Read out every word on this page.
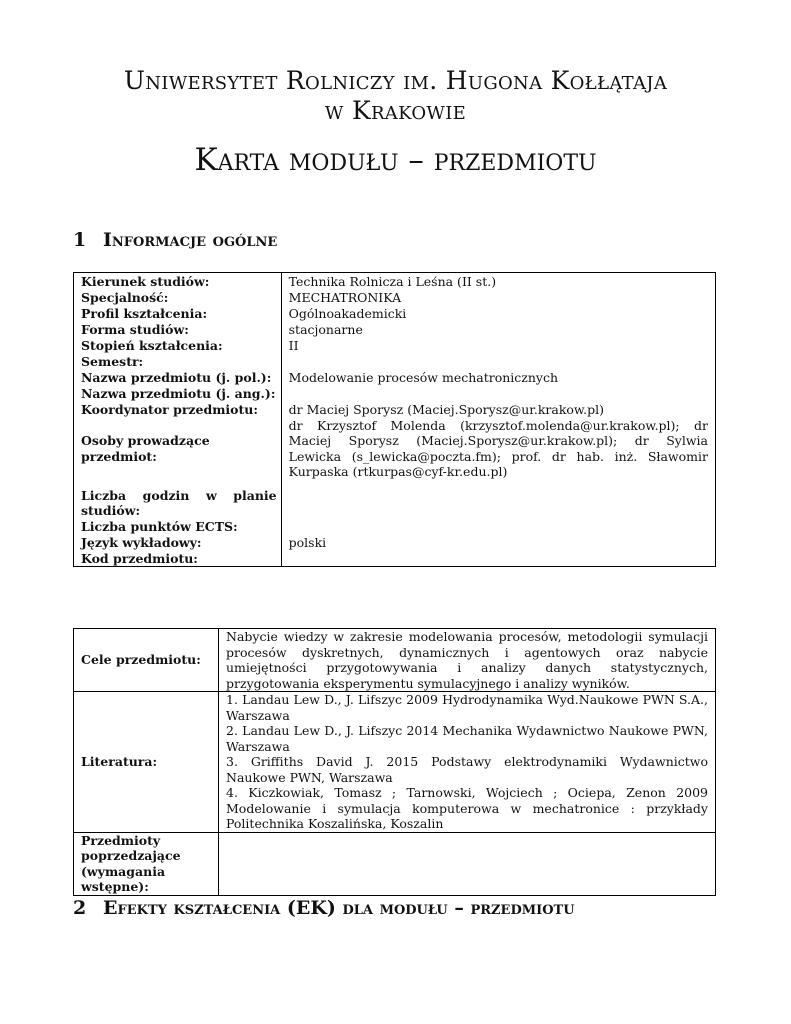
Uniwersytet Rolniczy im. Hugona Kołłątaja
w Krakowie
Karta modułu – przedmiotu
1 Informacje ogólne
Kierunek studiów:	Technika Rolnicza i Leśna (II st.)
Specjalność:	MECHATRONIKA
Profil kształcenia:	Ogólnoakademicki
Forma studiów:	stacjonarne
Stopień kształcenia:	II
Semestr:	
Nazwa przedmiotu (j. pol.):	Modelowanie procesów mechatronicznych
Nazwa przedmiotu (j. ang.):	
Koordynator przedmiotu:	dr Maciej Sporysz (Maciej.Sporysz@ur.krakow.pl)
Osoby prowadzące przedmiot:	dr Krzysztof Molenda (krzysztof.molenda@ur.krakow.pl); dr Maciej Sporysz (Maciej.Sporysz@ur.krakow.pl); dr Sylwia Lewicka (s_lewicka@poczta.fm); prof. dr hab. inż. Sławomir Kurpaska (rtkurpas@cyf-kr.edu.pl)
Liczba godzin w planie studiów:	
Liczba punktów ECTS:	
Język wykładowy:	polski
Kod przedmiotu:	
Cele przedmiotu:	Nabycie wiedzy w zakresie modelowania procesów, metodologii symulacji procesów dyskretnych, dynamicznych i agentowych oraz nabycie umiejętności przygotowywania i analizy danych statystycznych, przygotowania eksperymentu symulacyjnego i analizy wyników.
Literatura:	1. Landau Lew D., J. Lifszyc 2009 Hydrodynamika Wyd.Naukowe PWN S.A., Warszawa
2. Landau Lew D., J. Lifszyc 2014 Mechanika Wydawnictwo Naukowe PWN, Warszawa
3. Griffiths David J. 2015 Podstawy elektrodynamiki Wydawnictwo Naukowe PWN, Warszawa
4. Kiczkowiak, Tomasz ; Tarnowski, Wojciech ; Ociepa, Zenon 2009 Modelowanie i symulacja komputerowa w mechatronice : przykłady Politechnika Koszalińska, Koszalin

Przedmioty poprzedzające (wymagania wstępne):	
2 Efekty kształcenia (EK) dla modułu – przedmiotu
